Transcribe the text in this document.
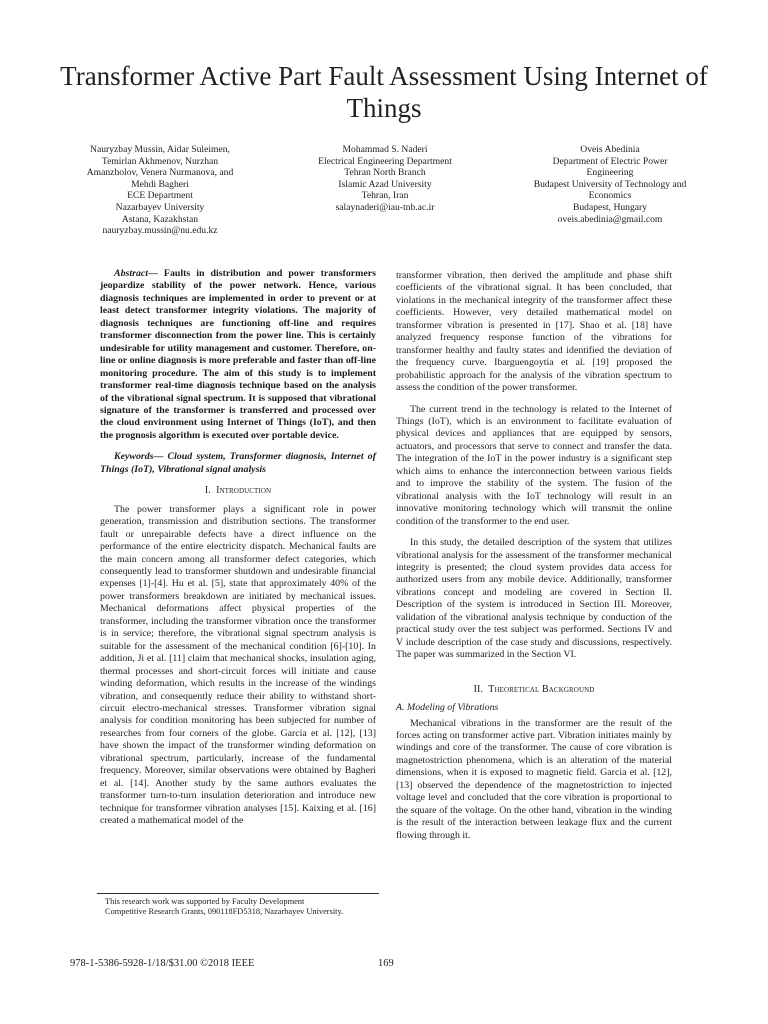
Transformer Active Part Fault Assessment Using Internet of Things
Nauryzbay Mussin, Aidar Suleimen,
Temirlan Akhmenov, Nurzhan
Amanzholov, Venera Nurmanova, and
Mehdi Bagheri
ECE Department
Nazarbayev University
Astana, Kazakhstan
nauryzbay.mussin@nu.edu.kz
Mohammad S. Naderi
Electrical Engineering Department
Tehran North Branch
Islamic Azad University
Tehran, Iran
salaynaderi@iau-tnb.ac.ir
Oveis Abedinia
Department of Electric Power
Engineering
Budapest University of Technology and
Economics
Budapest, Hungary
oveis.abedinia@gmail.com

Abstract— Faults in distribution and power transformers jeopardize stability of the power network. Hence, various diagnosis techniques are implemented in order to prevent or at least detect transformer integrity violations. The majority of diagnosis techniques are functioning off-line and requires transformer disconnection from the power line. This is certainly undesirable for utility management and customer. Therefore, on-line or online diagnosis is more preferable and faster than off-line monitoring procedure. The aim of this study is to implement transformer real-time diagnosis technique based on the analysis of the vibrational signal spectrum. It is supposed that vibrational signature of the transformer is transferred and processed over the cloud environment using Internet of Things (IoT), and then the prognosis algorithm is executed over portable device.

Keywords— Cloud system, Transformer diagnosis, Internet of Things (IoT), Vibrational signal analysis

I. Introduction

The power transformer plays a significant role in power generation, transmission and distribution sections. The transformer fault or unrepairable defects have a direct influence on the performance of the entire electricity dispatch. Mechanical faults are the main concern among all transformer defect categories, which consequently lead to transformer shutdown and undesirable financial expenses [1]-[4]. Hu et al. [5], state that approximately 40% of the power transformers breakdown are initiated by mechanical issues. Mechanical deformations affect physical properties of the transformer, including the transformer vibration once the transformer is in service; therefore, the vibrational signal spectrum analysis is suitable for the assessment of the mechanical condition [6]-[10]. In addition, Ji et al. [11] claim that mechanical shocks, insulation aging, thermal processes and short-circuit forces will initiate and cause winding deformation, which results in the increase of the windings vibration, and consequently reduce their ability to withstand short-circuit electro-mechanical stresses. Transformer vibration signal analysis for condition monitoring has been subjected for number of researches from four corners of the globe. Garcia et al. [12], [13] have shown the impact of the transformer winding deformation on vibrational spectrum, particularly, increase of the fundamental frequency. Moreover, similar observations were obtained by Bagheri et al. [14]. Another study by the same authors evaluates the transformer turn-to-turn insulation deterioration and introduce new technique for transformer vibration analyses [15]. Kaixing et al. [16] created a mathematical model of the

transformer vibration, then derived the amplitude and phase shift coefficients of the vibrational signal. It has been concluded, that violations in the mechanical integrity of the transformer affect these coefficients. However, very detailed mathematical model on transformer vibration is presented in [17]. Shao et al. [18] have analyzed frequency response function of the vibrations for transformer healthy and faulty states and identified the deviation of the frequency curve. Ibarguengoytia et al. [19] proposed the probabilistic approach for the analysis of the vibration spectrum to assess the condition of the power transformer.

The current trend in the technology is related to the Internet of Things (IoT), which is an environment to facilitate evaluation of physical devices and appliances that are equipped by sensors, actuators, and processors that serve to connect and transfer the data. The integration of the IoT in the power industry is a significant step which aims to enhance the interconnection between various fields and to improve the stability of the system. The fusion of the vibrational analysis with the IoT technology will result in an innovative monitoring technology which will transmit the online condition of the transformer to the end user.

In this study, the detailed description of the system that utilizes vibrational analysis for the assessment of the transformer mechanical integrity is presented; the cloud system provides data access for authorized users from any mobile device. Additionally, transformer vibrations concept and modeling are covered in Section II. Description of the system is introduced in Section III. Moreover, validation of the vibrational analysis technique by conduction of the practical study over the test subject was performed. Sections IV and V include description of the case study and discussions, respectively. The paper was summarized in the Section VI.

II. Theoretical Background
A. Modeling of Vibrations

Mechanical vibrations in the transformer are the result of the forces acting on transformer active part. Vibration initiates mainly by windings and core of the transformer. The cause of core vibration is magnetostriction phenomena, which is an alteration of the material dimensions, when it is exposed to magnetic field. Garcia et al. [12], [13] observed the dependence of the magnetostriction to injected voltage level and concluded that the core vibration is proportional to the square of the voltage. On the other hand, vibration in the winding is the result of the interaction between leakage flux and the current flowing through it.

This research work was supported by Faculty Development
Competitive Research Grants, 090118FD5318, Nazarbayev University.
978-1-5386-5928-1/18/$31.00 ©2018 IEEE	169
